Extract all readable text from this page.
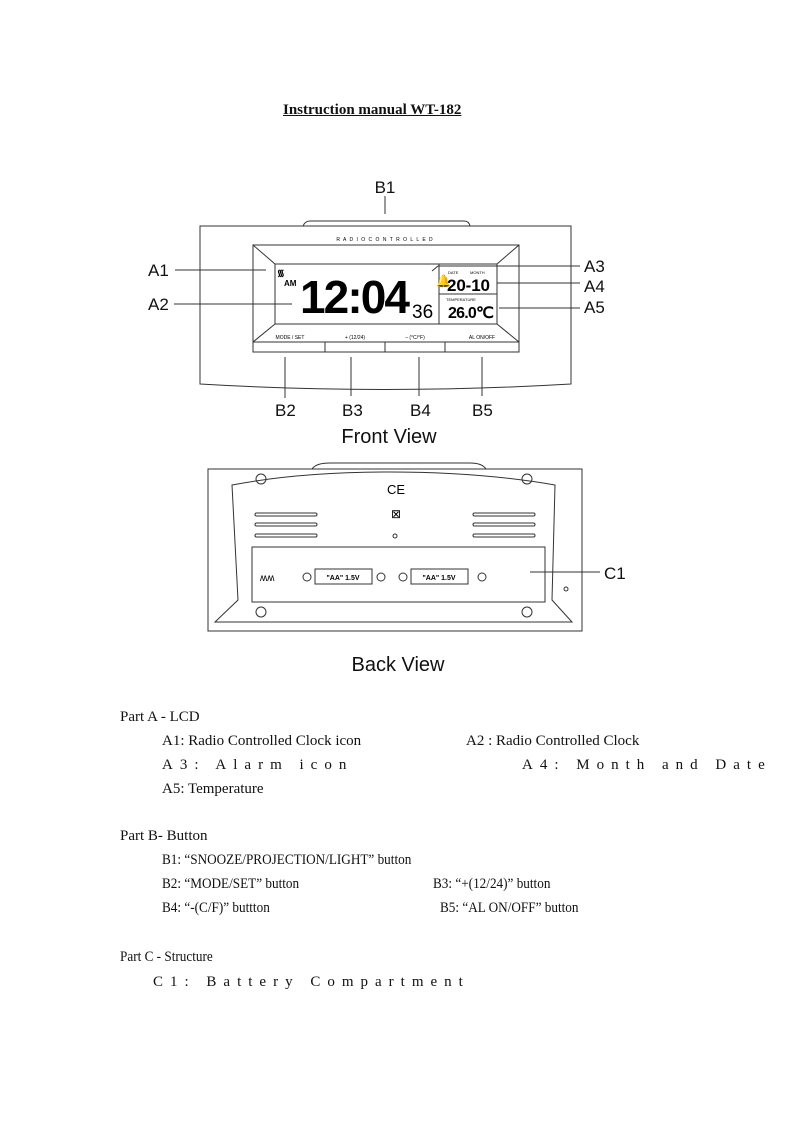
Instruction manual WT-182
R A D I O C O N T R O L L E D
᯾
AM 12:04 🔔
36
DATE	MONTH
20-10
TEMPERATURE
26.0℃
MODE / SET	+ (12/24)	– (°C/°F)	AL ON/OFF
B1
A1
A2
A3
A4
A5
B2	B3	B4 B5
Front View
CE
⊠
ʍʍ	"AA" 1.5V	"AA" 1.5V	C1
Back View
Part A - LCD
A1: Radio Controlled Clock icon	A2 : Radio Controlled Clock
A3: Alarm icon	A4: Month and Date
A5: Temperature
Part B- Button
B1: “SNOOZE/PROJECTION/LIGHT” button
B2: “MODE/SET” button	B3: “+(12/24)” button
B4: “-(C/F)” buttton	B5: “AL ON/OFF” button
Part C - Structure
C1: Battery Compartment
